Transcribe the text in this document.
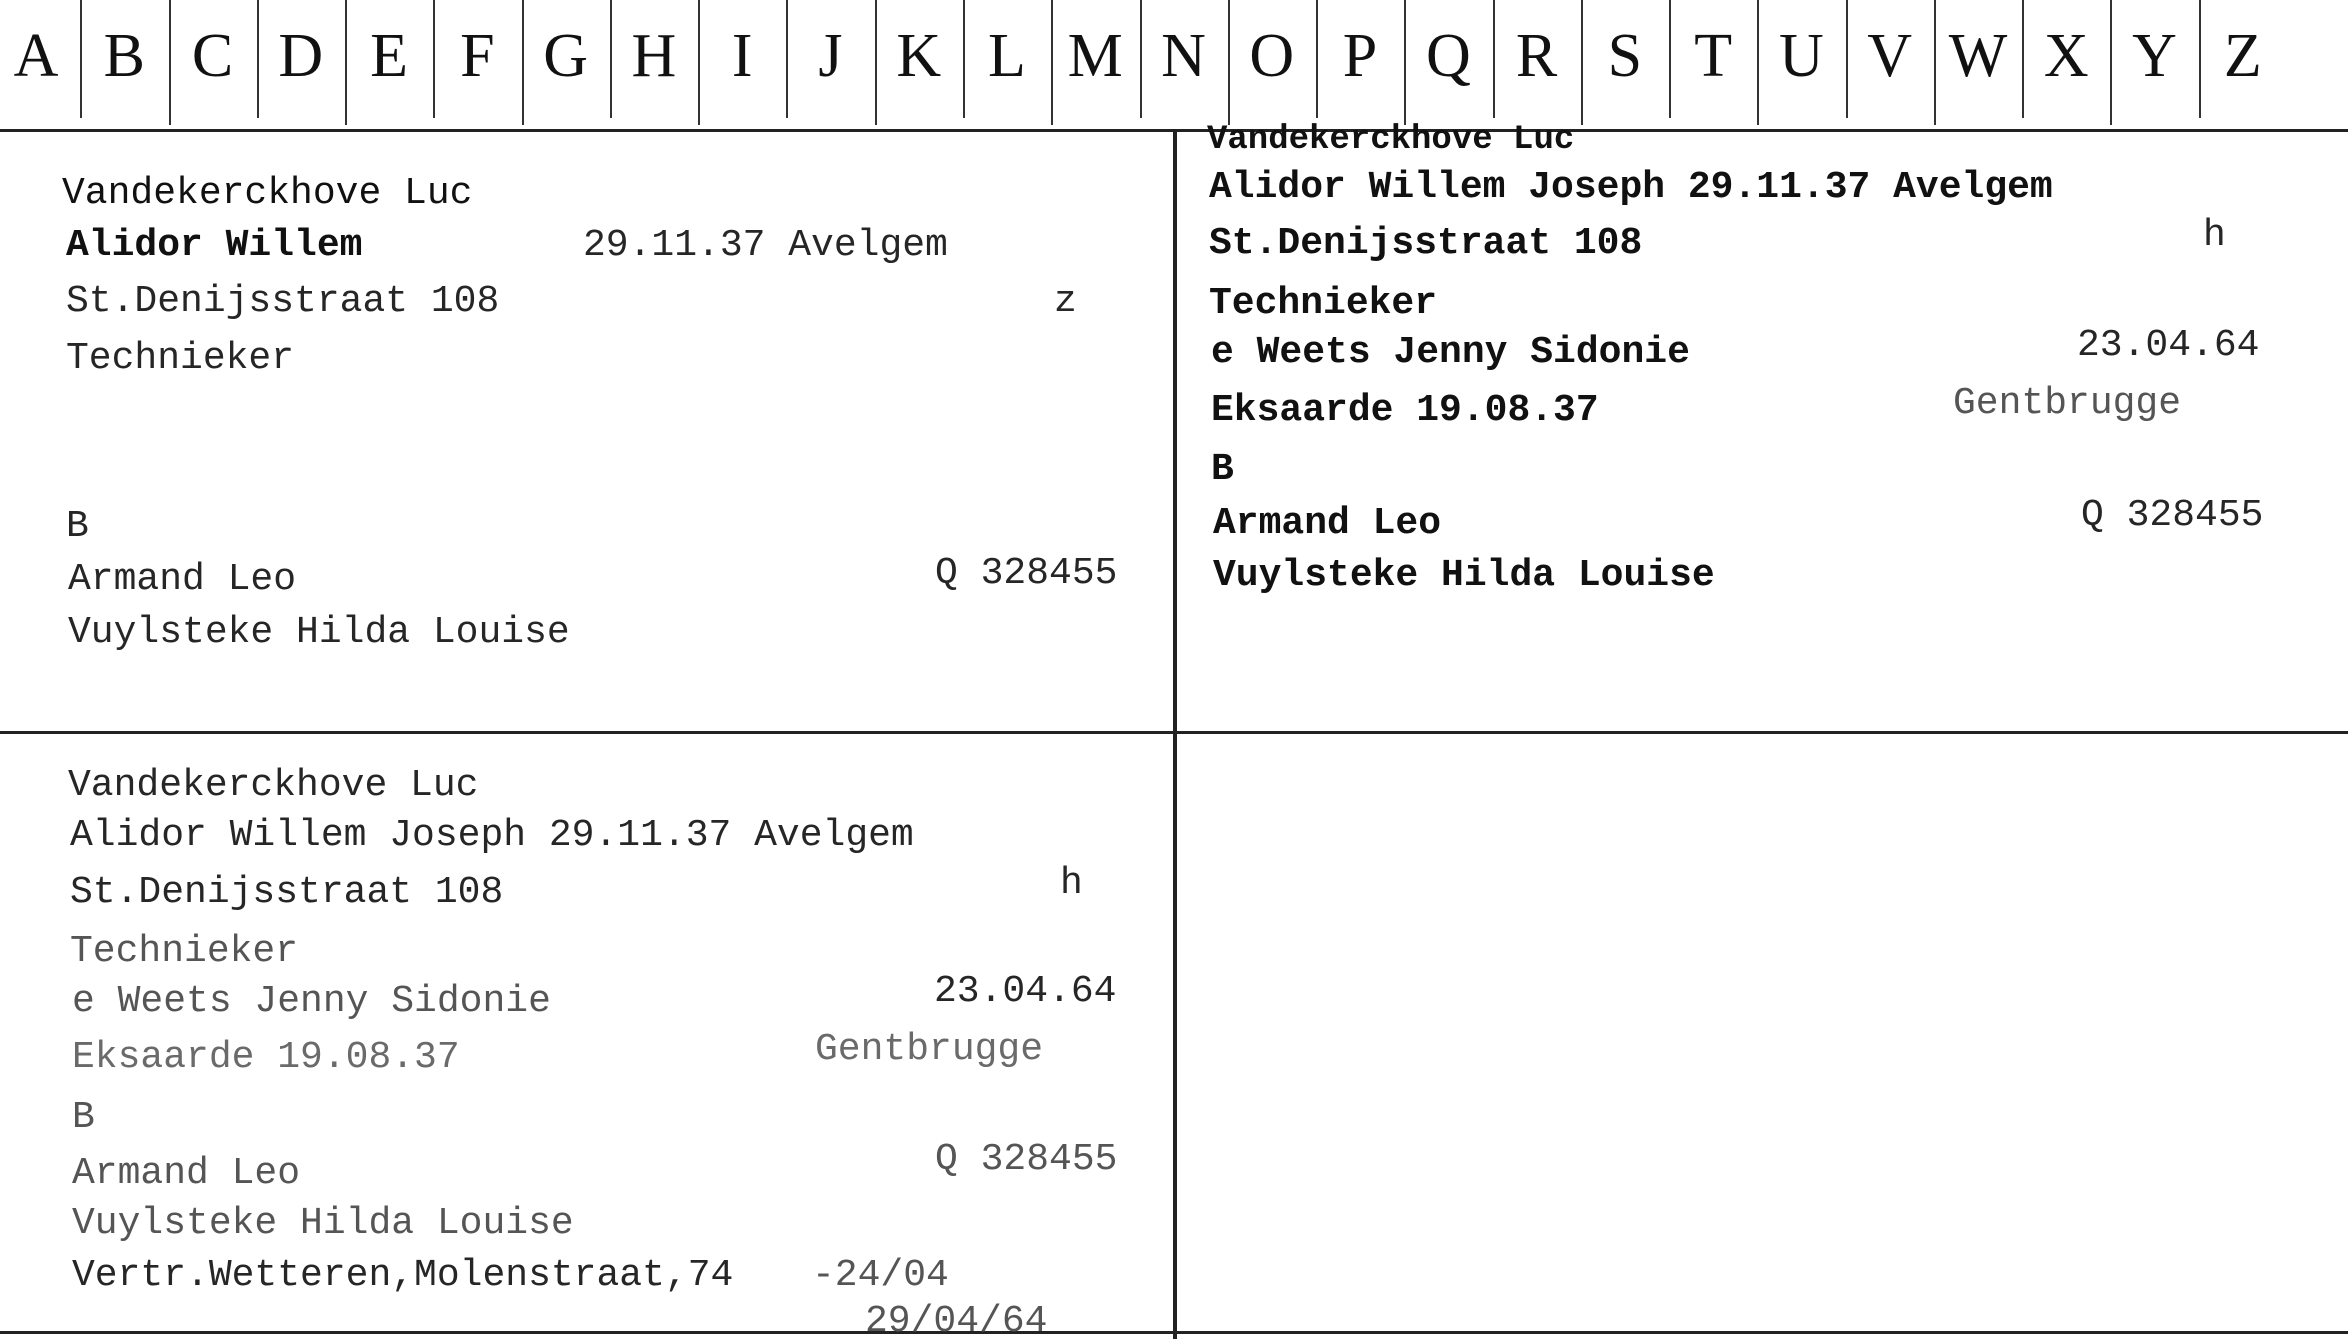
A B C D E F G H I	J K L M N O P Q R S T U V W X Y Z
Vandekerckhove Luc
Alidor Willem	29.11.37 Avelgem
St.Denijsstraat 108	z
Technieker
B
Armand Leo	Q 328455
Vuylsteke Hilda Louise
Vandekerckhove Luc
Alidor Willem Joseph 29.11.37 Avelgem
St.Denijsstraat 108	h
Technieker
e Weets Jenny Sidonie	23.04.64
Eksaarde 19.08.37	Gentbrugge
B
Armand Leo	Q 328455
Vuylsteke Hilda Louise
Vandekerckhove Luc
Alidor Willem Joseph 29.11.37 Avelgem
St.Denijsstraat 108	h
Technieker
e Weets Jenny Sidonie	23.04.64
Eksaarde 19.08.37	Gentbrugge
B
Armand Leo	Q 328455
Vuylsteke Hilda Louise
Vertr.Wetteren,Molenstraat,74 -24/04
29/04/64
